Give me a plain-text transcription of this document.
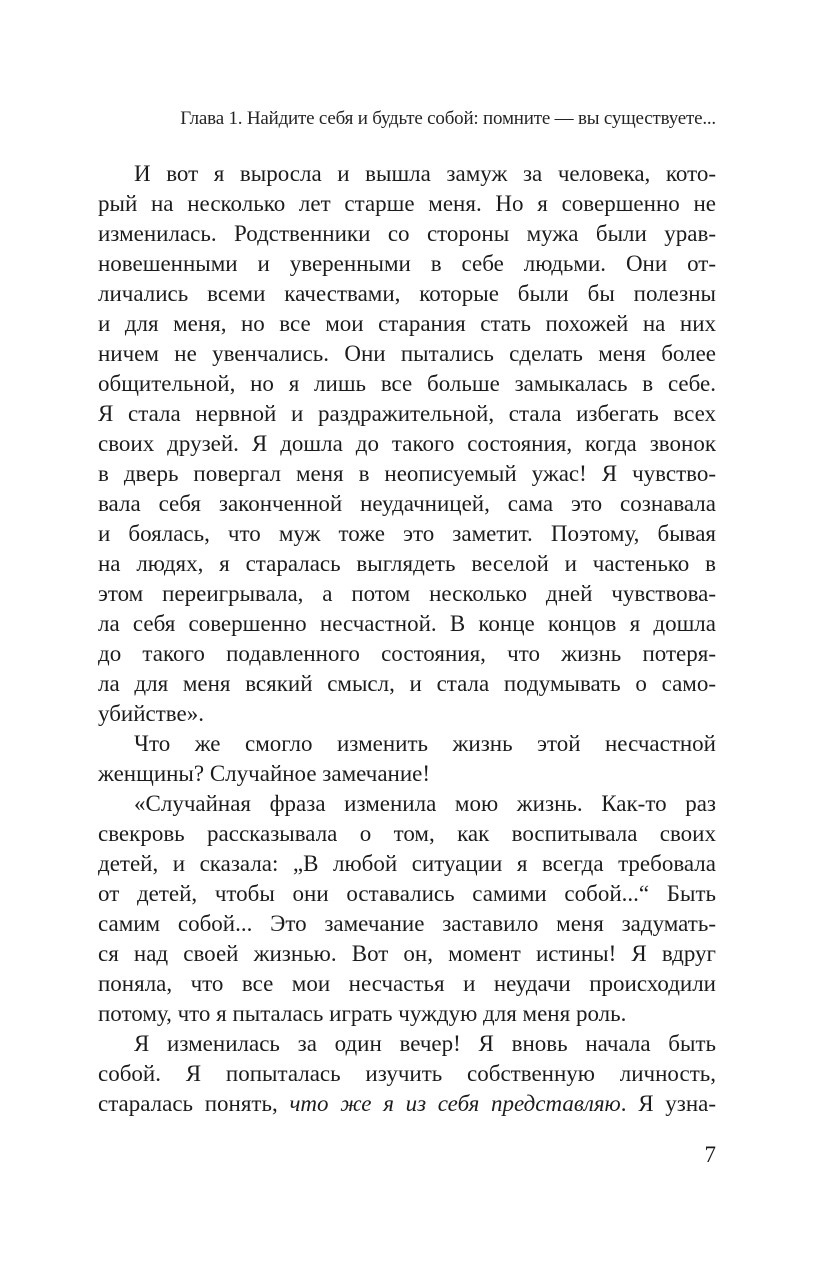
Глава 1. Найдите себя и будьте собой: помните — вы существуете...
И вот я выросла и вышла замуж за человека, кото-
рый на несколько лет старше меня. Но я совершенно не
изменилась. Родственники со стороны мужа были урав-
новешенными и уверенными в себе людьми. Они от-
личались всеми качествами, которые были бы полезны
и для меня, но все мои старания стать похожей на них
ничем не увенчались. Они пытались сделать меня более
общительной, но я лишь все больше замыкалась в себе.
Я стала нервной и раздражительной, стала избегать всех
своих друзей. Я дошла до такого состояния, когда звонок
в дверь повергал меня в неописуемый ужас! Я чувство-
вала себя законченной неудачницей, сама это сознавала
и боялась, что муж тоже это заметит. Поэтому, бывая
на людях, я старалась выглядеть веселой и частенько в
этом переигрывала, а потом несколько дней чувствова-
ла себя совершенно несчастной. В конце концов я дошла
до такого подавленного состояния, что жизнь потеря-
ла для меня всякий смысл, и стала подумывать о само-
убийстве».
Что же смогло изменить жизнь этой несчастной
женщины? Случайное замечание!
«Случайная фраза изменила мою жизнь. Как-то раз
свекровь рассказывала о том, как воспитывала своих
детей, и сказала: „В любой ситуации я всегда требовала
от детей, чтобы они оставались самими собой...“ Быть
самим собой... Это замечание заставило меня задумать-
ся над своей жизнью. Вот он, момент истины! Я вдруг
поняла, что все мои несчастья и неудачи происходили
потому, что я пыталась играть чуждую для меня роль.
Я изменилась за один вечер! Я вновь начала быть
собой. Я попыталась изучить собственную личность,
старалась понять, что же я из себя представляю. Я узна-
7
